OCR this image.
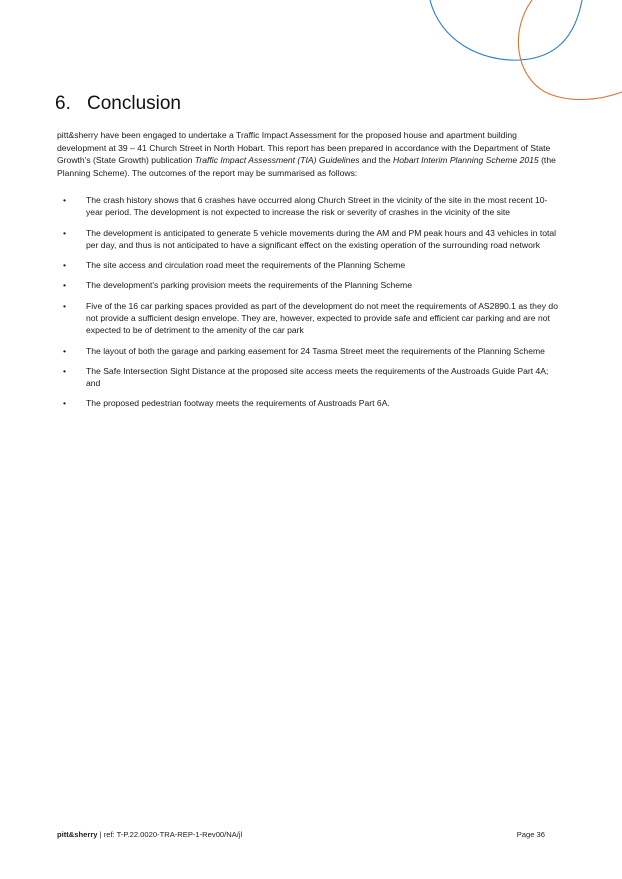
6. Conclusion

pitt&sherry have been engaged to undertake a Traffic Impact Assessment for the proposed house and apartment building development at 39 – 41 Church Street in North Hobart. This report has been prepared in accordance with the Department of State Growth's (State Growth) publication Traffic Impact Assessment (TIA) Guidelines and the Hobart Interim Planning Scheme 2015 (the Planning Scheme). The outcomes of the report may be summarised as follows:

• The crash history shows that 6 crashes have occurred along Church Street in the vicinity of the site in the most recent 10-year period. The development is not expected to increase the risk or severity of crashes in the vicinity of the site
• The development is anticipated to generate 5 vehicle movements during the AM and PM peak hours and 43 vehicles in total per day, and thus is not anticipated to have a significant effect on the existing operation of the surrounding road network
• The site access and circulation road meet the requirements of the Planning Scheme
• The development's parking provision meets the requirements of the Planning Scheme
• Five of the 16 car parking spaces provided as part of the development do not meet the requirements of AS2890.1 as they do not provide a sufficient design envelope. They are, however, expected to provide safe and efficient car parking and are not expected to be of detriment to the amenity of the car park
• The layout of both the garage and parking easement for 24 Tasma Street meet the requirements of the Planning Scheme
• The Safe Intersection Sight Distance at the proposed site access meets the requirements of the Austroads Guide Part 4A; and
• The proposed pedestrian footway meets the requirements of Austroads Part 6A.
pitt&sherry | ref: T-P.22.0020-TRA-REP-1-Rev00/NA/jl	Page 36
